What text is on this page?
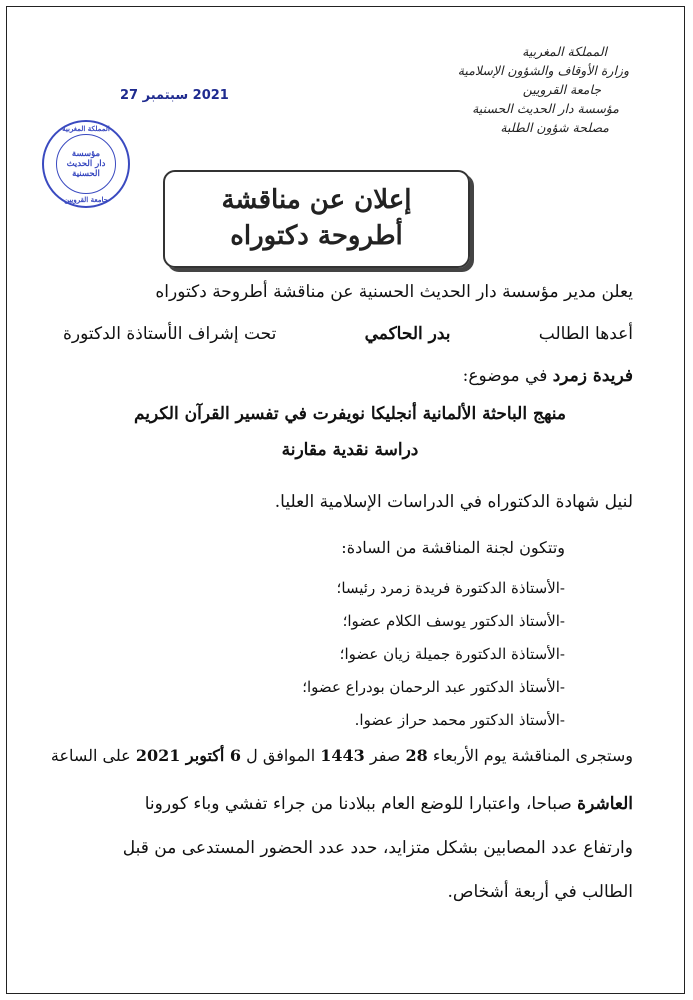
المملكة المغربية
وزارة الأوقاف والشؤون الإسلامية
جامعة القرويين
مؤسسة دار الحديث الحسنية
مصلحة شؤون الطلبة
2021 سبتمبر 27
المملكة المغربية
مؤسسة
دار الحديث
الحسنية
جامعة القرويين	إعلان عن مناقشة
أطروحة دكتوراه
يعلن مدير مؤسسة دار الحديث الحسنية عن مناقشة أطروحة دكتوراه
أعدها الطالب
بدر الحاكمي
تحت إشراف الأستاذة الدكتورة
فريدة زمرد في موضوع:
منهج الباحثة الألمانية أنجليكا نويفرت في تفسير القرآن الكريم
دراسة نقدية مقارنة
لنيل شهادة الدكتوراه في الدراسات الإسلامية العليا.
وتتكون لجنة المناقشة من السادة:
-الأستاذة الدكتورة فريدة زمرد رئيسا؛
-الأستاذ الدكتور يوسف الكلام عضوا؛
-الأستاذة الدكتورة جميلة زيان عضوا؛
-الأستاذ الدكتور عبد الرحمان بودراع عضوا؛
-الأستاذ الدكتور محمد حراز عضوا.
وستجرى المناقشة يوم الأربعاء 28 صفر 1443 الموافق ل 6 أكتوبر 2021 على الساعة
العاشرة صباحا، واعتبارا للوضع العام ببلادنا من جراء تفشي وباء كورونا
وارتفاع عدد المصابين بشكل متزايد، حدد عدد الحضور المستدعى من قبل
الطالب في أربعة أشخاص.
